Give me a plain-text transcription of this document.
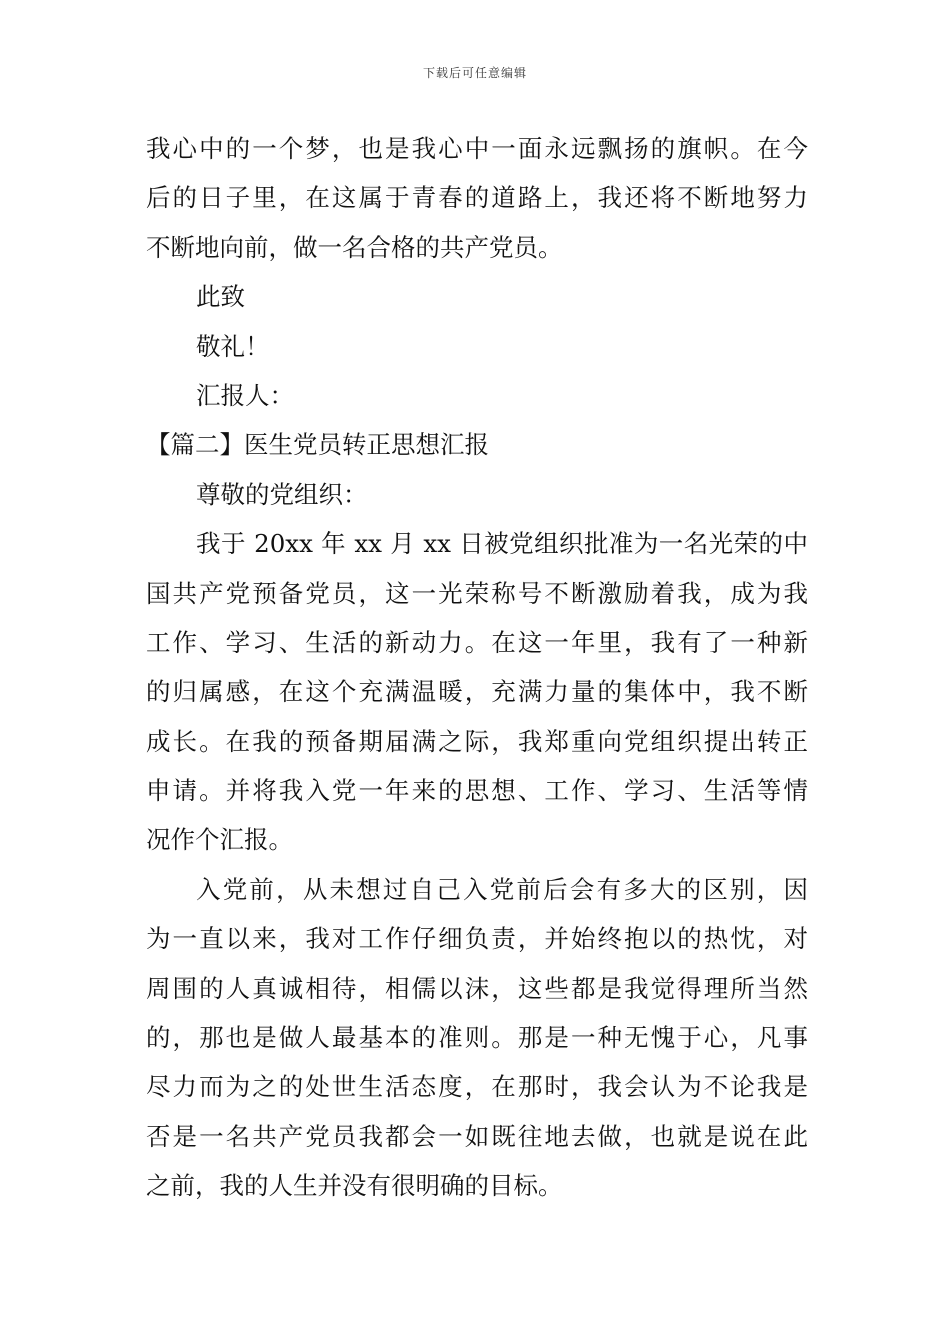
下载后可任意编辑
我心中的一个梦，也是我心中一面永远飘扬的旗帜。在今
后的日子里，在这属于青春的道路上，我还将不断地努力
不断地向前，做一名合格的共产党员。
此致
敬礼！
汇报人：
【篇二】医生党员转正思想汇报
尊敬的党组织：
我于 20xx 年 xx 月 xx 日被党组织批准为一名光荣的中
国共产党预备党员，这一光荣称号不断激励着我，成为我
工作、学习、生活的新动力。在这一年里，我有了一种新
的归属感，在这个充满温暖，充满力量的集体中，我不断
成长。在我的预备期届满之际，我郑重向党组织提出转正
申请。并将我入党一年来的思想、工作、学习、生活等情
况作个汇报。
入党前，从未想过自己入党前后会有多大的区别，因
为一直以来，我对工作仔细负责，并始终抱以的热忱，对
周围的人真诚相待，相儒以沫，这些都是我觉得理所当然
的，那也是做人最基本的准则。那是一种无愧于心，凡事
尽力而为之的处世生活态度，在那时，我会认为不论我是
否是一名共产党员我都会一如既往地去做，也就是说在此
之前，我的人生并没有很明确的目标。
